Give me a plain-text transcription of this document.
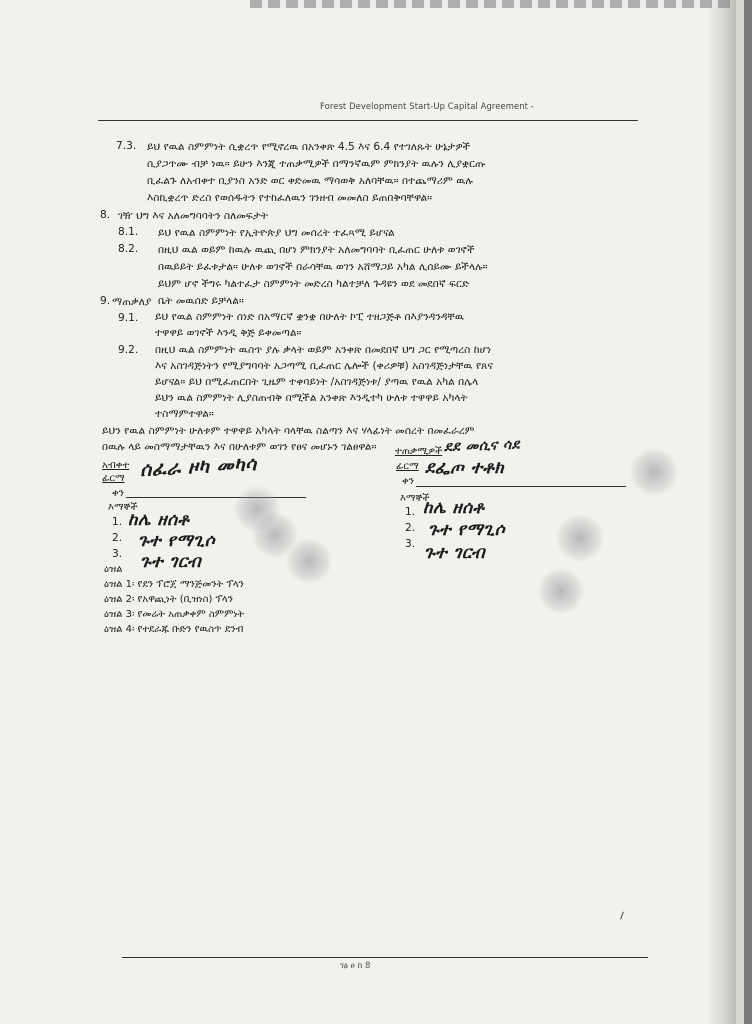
Forest Development Start-Up Capital Agreement -
7.3. ይህ የዉል ስምምነት ሲቋረጥ የሚኖረዉ በአንቀጽ 4.5 እና 6.4 የተገለጹት ሁኔታዎች
ሲያጋጥሙ ብቻ ነዉ። ይሁን እንጂ ተጠቃሚዎች በማንኛዉም ምክንያት ዉሉን ሊያቋርጡ
ቢፈልጉ ለአብቀተ ቢያንስ አንድ ወር ቀድመዉ ማሳወቅ አለባቸዉ። በተጨማሪም ዉሉ
እስኪቋረጥ ድረስ የወሰዱትን የተከፈለዉን ገንዘብ መመለስ ይጠበቅባቸዋል።
8. ገዥ ህግ እና አለመግባባትን ስለመፍታት
8.1. ይህ የዉል ስምምነት የኢትዮጵያ ህግ መሰረት ተፈጻሚ ይሆናል
8.2. በዚህ ዉል ወይም ከዉሉ ዉጪ በሆነ ምክንያት አለመግባባት ቢፈጠር ሁለቱ ወገኖች
በዉይይት ይፈቱታል። ሁለቱ ወገኖች በራሳቸዉ ወገን አሸማጋይ አካል ሊሰይሙ ይችላሉ።
ይህም ሆኖ ችግሩ ካልተፈታ ስምምነት መድረስ ካልተቻለ ጉዳዩን ወደ መደበኛ ፍርድ
ቤት መዉሰድ ይቻላል።
9. ማጠቃለያ
9.1. ይህ የዉል ስምምነት ሰነድ በአማርኛ ቋንቋ በሁለት ኮፒ ተዘጋጅቶ በእያንዳንዳቸዉ
ተዋዋይ ወገኖች እንዲ ቅጅ ይቀመጣል።
9.2. በዚህ ዉል ስምምነት ዉስጥ ያሉ ቃላት ወይም አንቀጽ በመደበኛ ህግ ጋር የሚጣረስ ከሆነ
እና አስገዳጅነትን የሚያግባባት አጋጣሚ ቢፈጠር ሌሎች (ቀሪዎቹ) አስገዳጅነታቸዉ የጸና
ይሆናል። ይህ በሚፈጠርበት ጊዜም ተቀባይነት /አስገዳጅነቱ/ ያጣዉ የዉል አካል በሌላ
ይህን ዉል ስምምነት ሊያስጠብቅ በሚችል አንቀጽ እንዲተካ ሁለቱ ተዋዋይ አካላት
ተስማምተዋል።
ይህን የዉል ስምምነት ሁለቱም ተዋዋይ አካላት ባላቸዉ ስልጣን እና ሃላፊነት መሰረት በመፈራረም
በዉሉ ላይ መስማማታቸዉን እና በሁለቱም ወገን የፀና መሆኑን ገልፀዋል።
አብቀተ
ፊርማ
ቀን
ሰፈራ ዞካ መካሳ
እማኞች
1.
2.
3.
ከሌ ዘሰቶ
ጉተ የማጊሶ
ጉተ ገርብ
ተጠቃሚዎች ደደ መሲና ሳደ
ፊርማ
ቀን
ደፌጦ ተቶክ
እማኞች
1.
2.
3.
ከሌ ዘሰቶ
ጉተ የማጊሶ
ጉተ ገርብ
ዕዝል
ዕዝል 1፡ የደን ፕሮጀ ማንጅመንት ፕላን
ዕዝል 2፡ የአዋጪነት (ቢዝነስ) ፕላን
ዕዝል 3፡ የመሬት አጠቃቀም ስምምነት
ዕዝል 4፡ የተደራጁ ቡድን የዉስጥ ደንብ
ገፅ ፀ ከ 8
